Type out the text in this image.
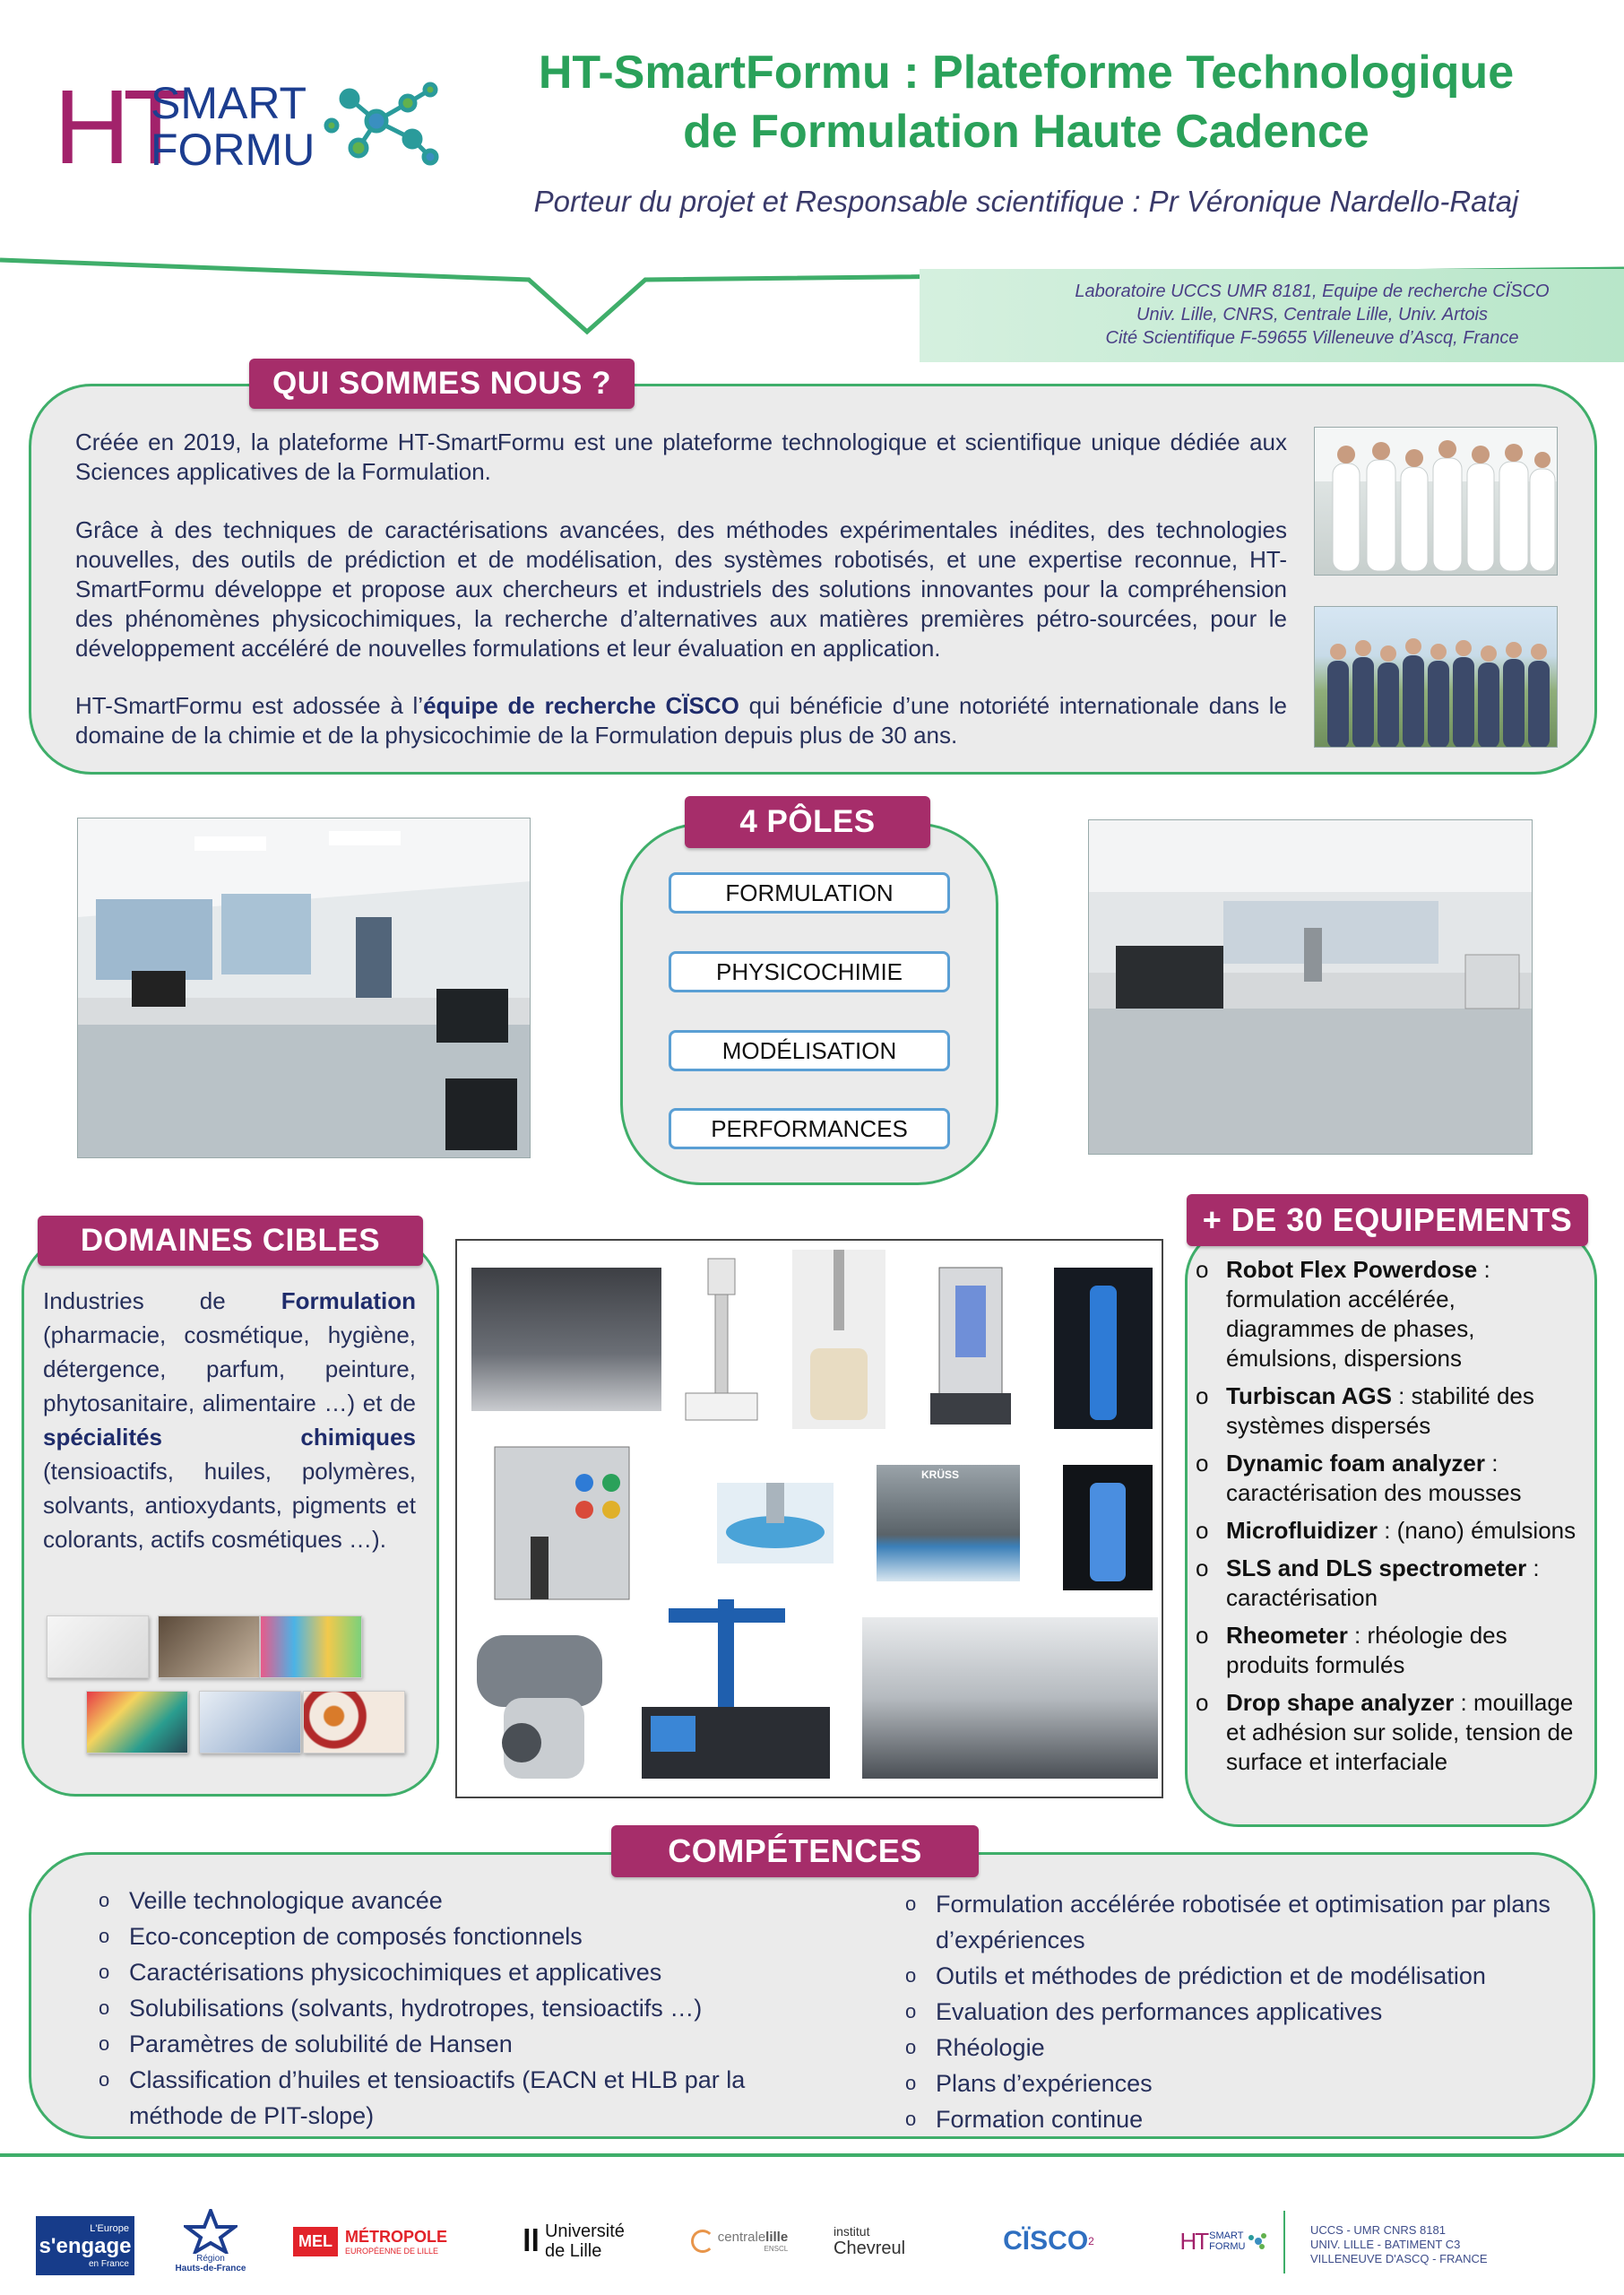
HT
SMART
FORMU
HT-SmartFormu : Plateforme Technologique
de Formulation Haute Cadence
Porteur du projet et Responsable scientifique : Pr Véronique Nardello-Rataj
Laboratoire UCCS UMR 8181, Equipe de recherche CÏSCO
Univ. Lille, CNRS, Centrale Lille, Univ. Artois
Cité Scientifique F-59655 Villeneuve d’Ascq, France
QUI SOMMES NOUS ?
Créée en 2019, la plateforme HT-SmartFormu est une plateforme technologique et scientifique unique dédiée aux Sciences applicatives de la Formulation.
Grâce à des techniques de caractérisations avancées, des méthodes expérimentales inédites, des technologies nouvelles, des outils de prédiction et de modélisation, des systèmes robotisés, et une expertise reconnue, HT-SmartFormu développe et propose aux chercheurs et industriels des solutions innovantes pour la compréhension des phénomènes physicochimiques, la recherche d’alternatives aux matières premières pétro-sourcées, pour le développement accéléré de nouvelles formulations et leur évaluation en application.
HT-SmartFormu est adossée à l’équipe de recherche CÏSCO qui bénéficie d’une notoriété internationale dans le domaine de la chimie et de la physicochimie de la Formulation depuis plus de 30 ans.
4 PÔLES
FORMULATION
PHYSICOCHIMIE
MODÉLISATION
PERFORMANCES
DOMAINES CIBLES
Industries de Formulation (pharmacie, cosmétique, hygiène, détergence, parfum, peinture, phytosanitaire, alimentaire …) et de spécialités chimiques (tensioactifs, huiles, polymères, solvants, antioxydants, pigments et colorants, actifs cosmétiques …).
KRÜSS
+ DE 30 EQUIPEMENTS
o Robot Flex Powerdose : formulation accélérée, diagrammes de phases, émulsions, dispersions
o Turbiscan AGS : stabilité des systèmes dispersés
o Dynamic foam analyzer : caractérisation des mousses
o Microfluidizer : (nano) émulsions
o SLS and DLS spectrometer : caractérisation
o Rheometer : rhéologie des produits formulés
o Drop shape analyzer : mouillage et adhésion sur solide, tension de surface et interfaciale
COMPÉTENCES
o Veille technologique avancée
o Eco-conception de composés fonctionnels
o Caractérisations physicochimiques et applicatives
o Solubilisations (solvants, hydrotropes, tensioactifs …)
o Paramètres de solubilité de Hansen
o Classification d’huiles et tensioactifs (EACN et HLB par la méthode de PIT-slope)
o Formulation accélérée robotisée et optimisation par plans d’expériences
o Outils et méthodes de prédiction et de modélisation
o Evaluation des performances applicatives
o Rhéologie
o Plans d’expériences
o Formation continue
L'Europe
s'engage
en France	Région
Hauts-de-France
MEL MÉTROPOLE
EUROPÉENNE DE LILLE	ll Université
de Lille
centralelille
ENSCL
institut
Chevreul	CÏSCO 2	HT SMART
FORMU
UCCS - UMR CNRS 8181
UNIV. LILLE - BATIMENT C3
VILLENEUVE D'ASCQ - FRANCE
